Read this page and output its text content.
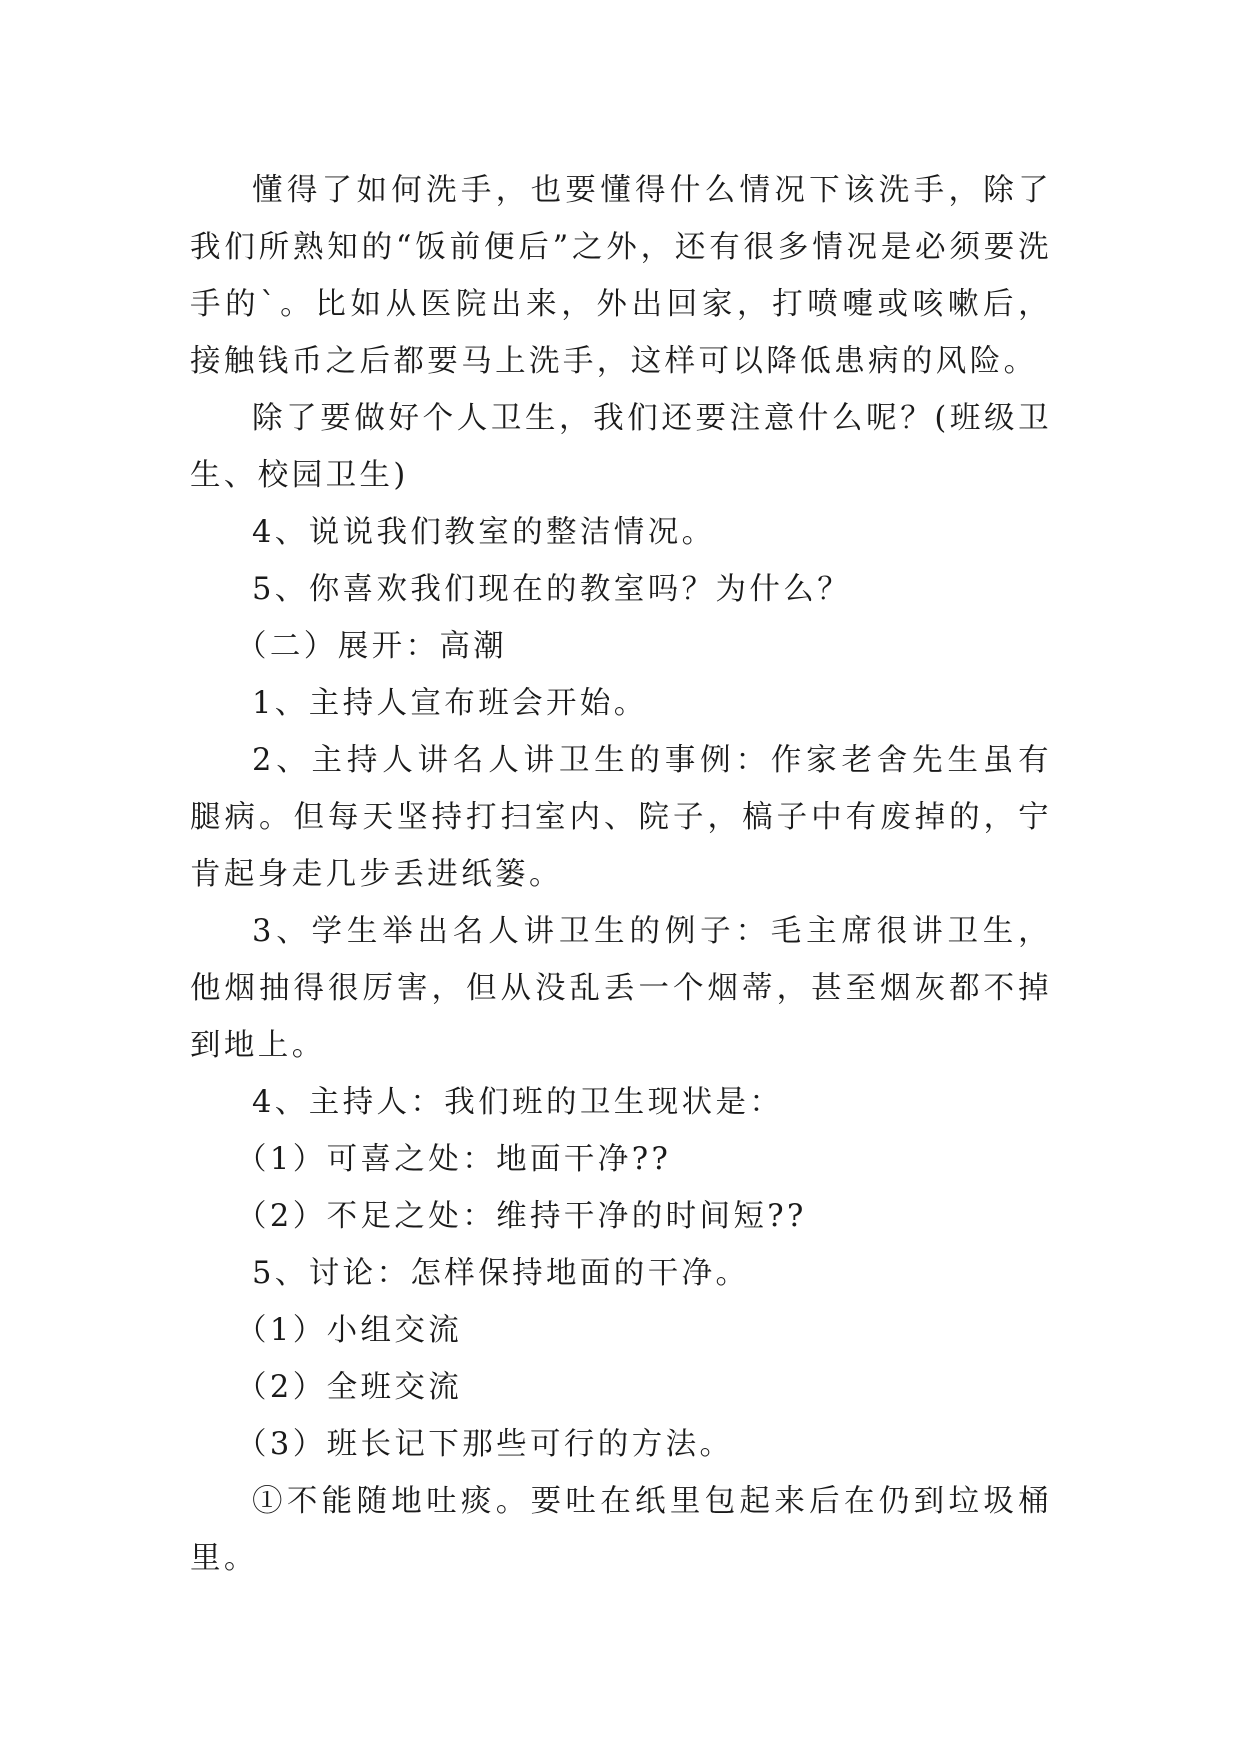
懂得了如何洗手，也要懂得什么情况下该洗手，除了我们所熟知的“饭前便后”之外，还有很多情况是必须要洗手的`。比如从医院出来，外出回家，打喷嚏或咳嗽后，接触钱币之后都要马上洗手，这样可以降低患病的风险。

除了要做好个人卫生，我们还要注意什么呢？(班级卫生、校园卫生)

4、说说我们教室的整洁情况。

5、你喜欢我们现在的教室吗？为什么？

（二）展开：高潮

1、主持人宣布班会开始。

2、主持人讲名人讲卫生的事例：作家老舍先生虽有腿病。但每天坚持打扫室内、院子，槁子中有废掉的，宁肯起身走几步丢进纸篓。

3、学生举出名人讲卫生的例子：毛主席很讲卫生，他烟抽得很厉害，但从没乱丢一个烟蒂，甚至烟灰都不掉到地上。

4、主持人：我们班的卫生现状是：

（1）可喜之处：地面干净??

（2）不足之处：维持干净的时间短??

5、讨论：怎样保持地面的干净。

（1）小组交流

（2）全班交流

（3）班长记下那些可行的方法。

①不能随地吐痰。要吐在纸里包起来后在仍到垃圾桶里。
